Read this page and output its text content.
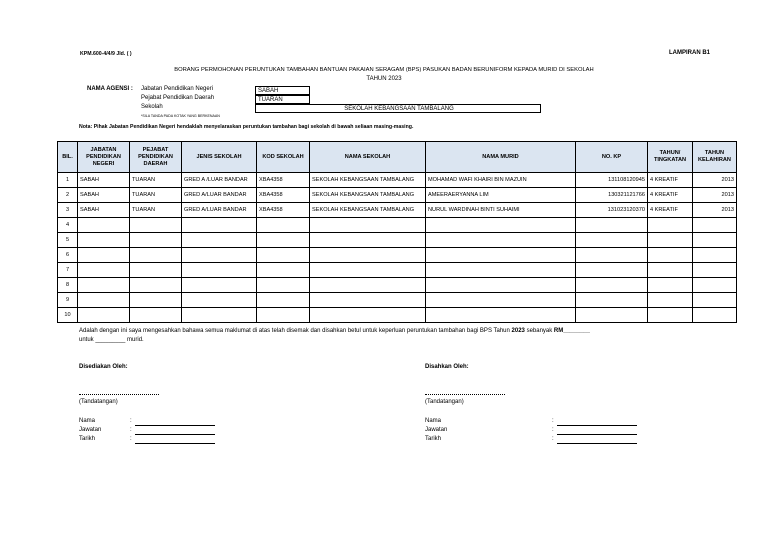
KPM.600-4/4/9 Jld. ( )	LAMPIRAN B1
BORANG PERMOHONAN PERUNTUKAN TAMBAHAN BANTUAN PAKAIAN SERAGAM (BPS) PASUKAN BADAN BERUNIFORM KEPADA MURID DI SEKOLAH
TAHUN 2023
NAMA AGENSI : Jabatan Pendidikan Negeri	SABAH
Pejabat Pendidikan Daerah	TUARAN
Sekolah	SEKOLAH KEBANGSAAN TAMBALANG
*SILA TANDA PADA KOTAK YANG BERKENAAN
Nota: Pihak Jabatan Pendidikan Negeri hendaklah menyelaraskan peruntukan tambahan bagi sekolah di bawah seliaan masing-masing.
BIL.	JABATAN PENDIDIKAN NEGERI	PEJABAT PENDIDIKAN DAERAH	JENIS SEKOLAH	KOD SEKOLAH	NAMA SEKOLAH	NAMA MURID	NO. KP	TAHUN/ TINGKATAN	TAHUN KELAHIRAN
1	SABAH	TUARAN	GRED A /LUAR BANDAR	XBA4358	SEKOLAH KEBANGSAAN TAMBALANG	MOHAMAD WAFI KHAIRI BIN MAZUIN	131108120945	4 KREATIF	2013
2	SABAH	TUARAN	GRED A/LUAR BANDAR	XBA4358	SEKOLAH KEBANGSAAN TAMBALANG	AMEERAERYANNA LIM	130321121766	4 KREATIF	2013
3	SABAH	TUARAN	GRED A/LUAR BANDAR	XBA4358	SEKOLAH KEBANGSAAN TAMBALANG	NURUL WARDINAH BINTI SUHAIMI	131023120370	4 KREATIF	2013
4									
5									
6									
7									
8									
9									
10									
Adalah dengan ini saya mengesahkan bahawa semua maklumat di atas telah disemak dan disahkan betul untuk keperluan peruntukan tambahan bagi BPS Tahun 2023 sebanyak RM________
untuk _________ murid.
Disediakan Oleh:
(Tandatangan)
Nama	:
Jawatan	:
Tarikh	:
Disahkan Oleh:
(Tandatangan)
Nama	:
Jawatan	:
Tarikh	:
